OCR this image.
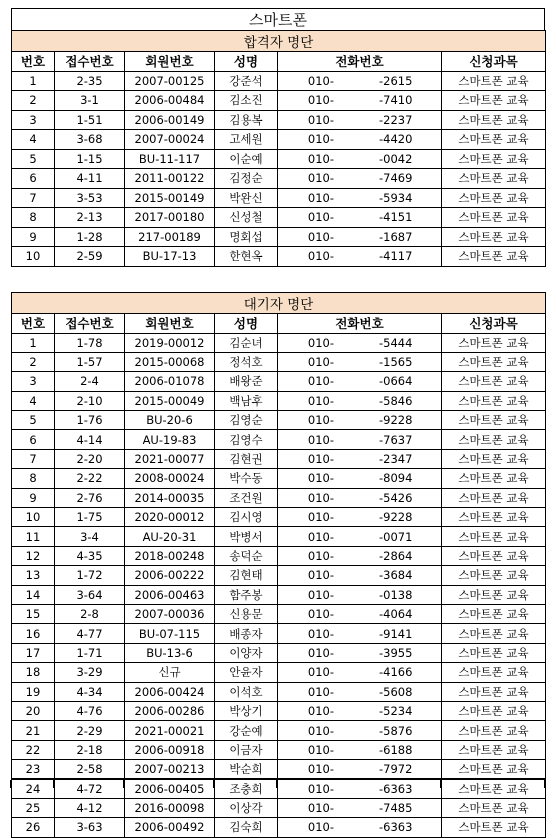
스마트폰
합격자 명단					
번호	접수번호	회원번호	성명	전화번호	신청과목
1	2-35	2007-00125	강준석	010- -2615	스마트폰 교육
2	3-1	2006-00484	김소진	010- -7410	스마트폰 교육
3	1-51	2006-00149	김용복	010- -2237	스마트폰 교육
4	3-68	2007-00024	고세원	010- -4420	스마트폰 교육
5	1-15	BU-11-117	이순예	010- -0042	스마트폰 교육
6	4-11	2011-00122	김정순	010- -7469	스마트폰 교육
7	3-53	2015-00149	박완신	010- -5934	스마트폰 교육
8	2-13	2017-00180	신성철	010- -4151	스마트폰 교육
9	1-28	217-00189	명회섭	010- -1687	스마트폰 교육
10	2-59	BU-17-13	한현옥	010- -4117	스마트폰 교육
대기자 명단					
번호	접수번호	회원번호	성명	전화번호	신청과목
1	1-78	2019-00012	김순녀	010- -5444	스마트폰 교육
2	1-57	2015-00068	정석호	010- -1565	스마트폰 교육
3	2-4	2006-01078	배왕준	010- -0664	스마트폰 교육
4	2-10	2015-00049	백남후	010- -5846	스마트폰 교육
5	1-76	BU-20-6	김영순	010- -9228	스마트폰 교육
6	4-14	AU-19-83	김영수	010- -7637	스마트폰 교육
7	2-20	2021-00077	김현권	010- -2347	스마트폰 교육
8	2-22	2008-00024	박수동	010- -8094	스마트폰 교육
9	2-76	2014-00035	조건원	010- -5426	스마트폰 교육
10	1-75	2020-00012	김시영	010- -9228	스마트폰 교육
11	3-4	AU-20-31	박병서	010- -0071	스마트폰 교육
12	4-35	2018-00248	송덕순	010- -2864	스마트폰 교육
13	1-72	2006-00222	김현태	010- -3684	스마트폰 교육
14	3-64	2006-00463	함주봉	010- -0138	스마트폰 교육
15	2-8	2007-00036	신용문	010- -4064	스마트폰 교육
16	4-77	BU-07-115	배종자	010- -9141	스마트폰 교육
17	1-71	BU-13-6	이양자	010- -3955	스마트폰 교육
18	3-29	신규	안윤자	010- -4166	스마트폰 교육
19	4-34	2006-00424	이석호	010- -5608	스마트폰 교육
20	4-76	2006-00286	박상기	010- -5234	스마트폰 교육
21	2-29	2021-00021	강순예	010- -5876	스마트폰 교육
22	2-18	2006-00918	이금자	010- -6188	스마트폰 교육
23	2-58	2007-00213	박순희	010- -7972	스마트폰 교육
24	4-72	2006-00405	조충희	010- -6363	스마트폰 교육
25	4-12	2016-00098	이상각	010- -7485	스마트폰 교육
26	3-63	2006-00492	김숙희	010- -6363	스마트폰 교육
